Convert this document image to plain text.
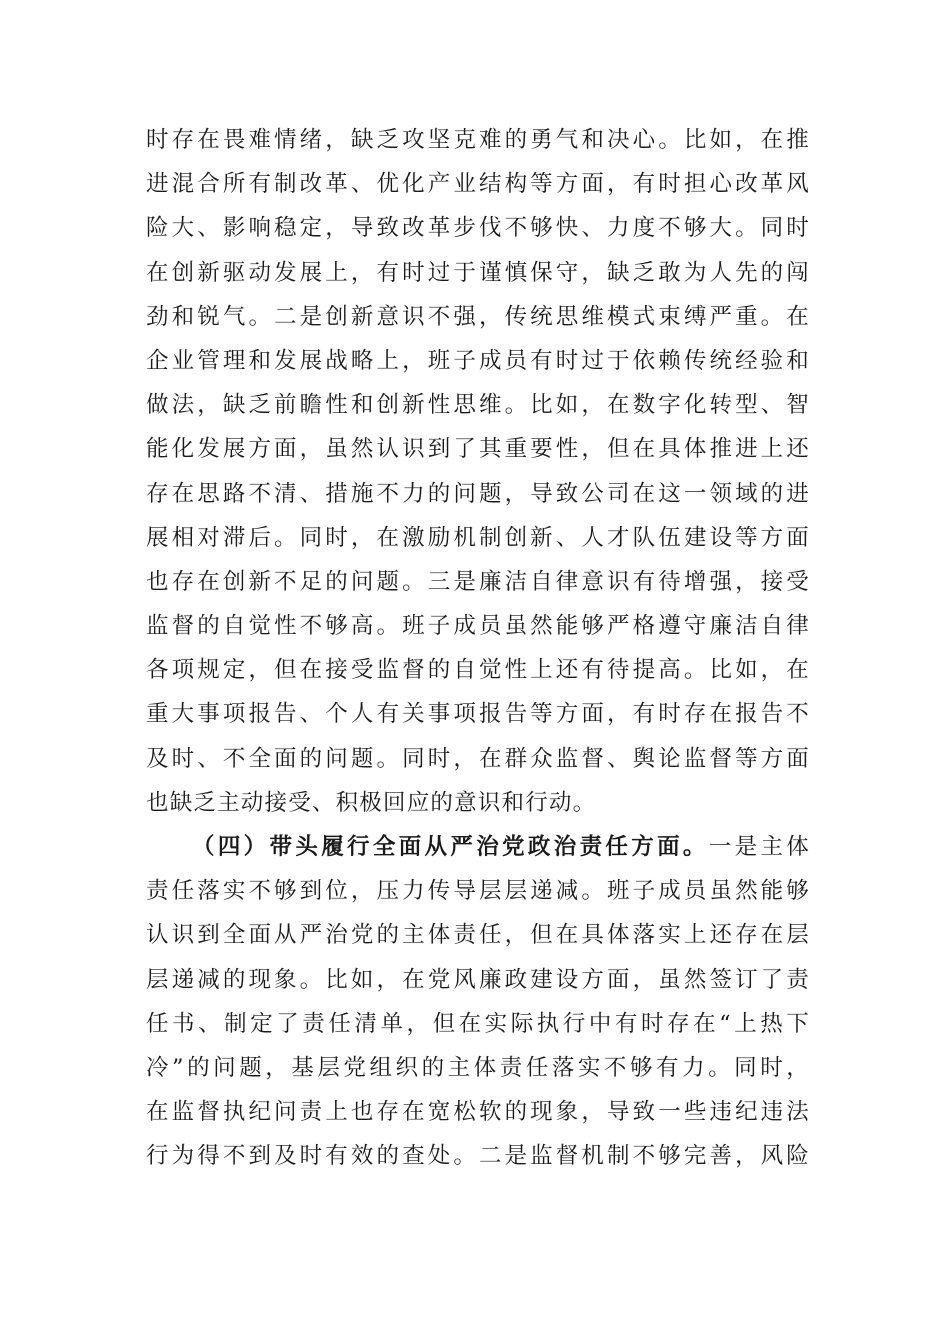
时存在畏难情绪，缺乏攻坚克难的勇气和决心。比如，在推
进混合所有制改革、优化产业结构等方面，有时担心改革风
险大、影响稳定，导致改革步伐不够快、力度不够大。同时
在创新驱动发展上，有时过于谨慎保守，缺乏敢为人先的闯
劲和锐气。二是创新意识不强，传统思维模式束缚严重。在
企业管理和发展战略上，班子成员有时过于依赖传统经验和
做法，缺乏前瞻性和创新性思维。比如，在数字化转型、智
能化发展方面，虽然认识到了其重要性，但在具体推进上还
存在思路不清、措施不力的问题，导致公司在这一领域的进
展相对滞后。同时，在激励机制创新、人才队伍建设等方面
也存在创新不足的问题。三是廉洁自律意识有待增强，接受
监督的自觉性不够高。班子成员虽然能够严格遵守廉洁自律
各项规定，但在接受监督的自觉性上还有待提高。比如，在
重大事项报告、个人有关事项报告等方面，有时存在报告不
及时、不全面的问题。同时，在群众监督、舆论监督等方面
也缺乏主动接受、积极回应的意识和行动。
（四）带头履行全面从严治党政治责任方面。一是主体
责任落实不够到位，压力传导层层递减。班子成员虽然能够
认识到全面从严治党的主体责任，但在具体落实上还存在层
层递减的现象。比如，在党风廉政建设方面，虽然签订了责
任书、制定了责任清单，但在实际执行中有时存在“上热下
冷”的问题，基层党组织的主体责任落实不够有力。同时，
在监督执纪问责上也存在宽松软的现象，导致一些违纪违法
行为得不到及时有效的查处。二是监督机制不够完善，风险
